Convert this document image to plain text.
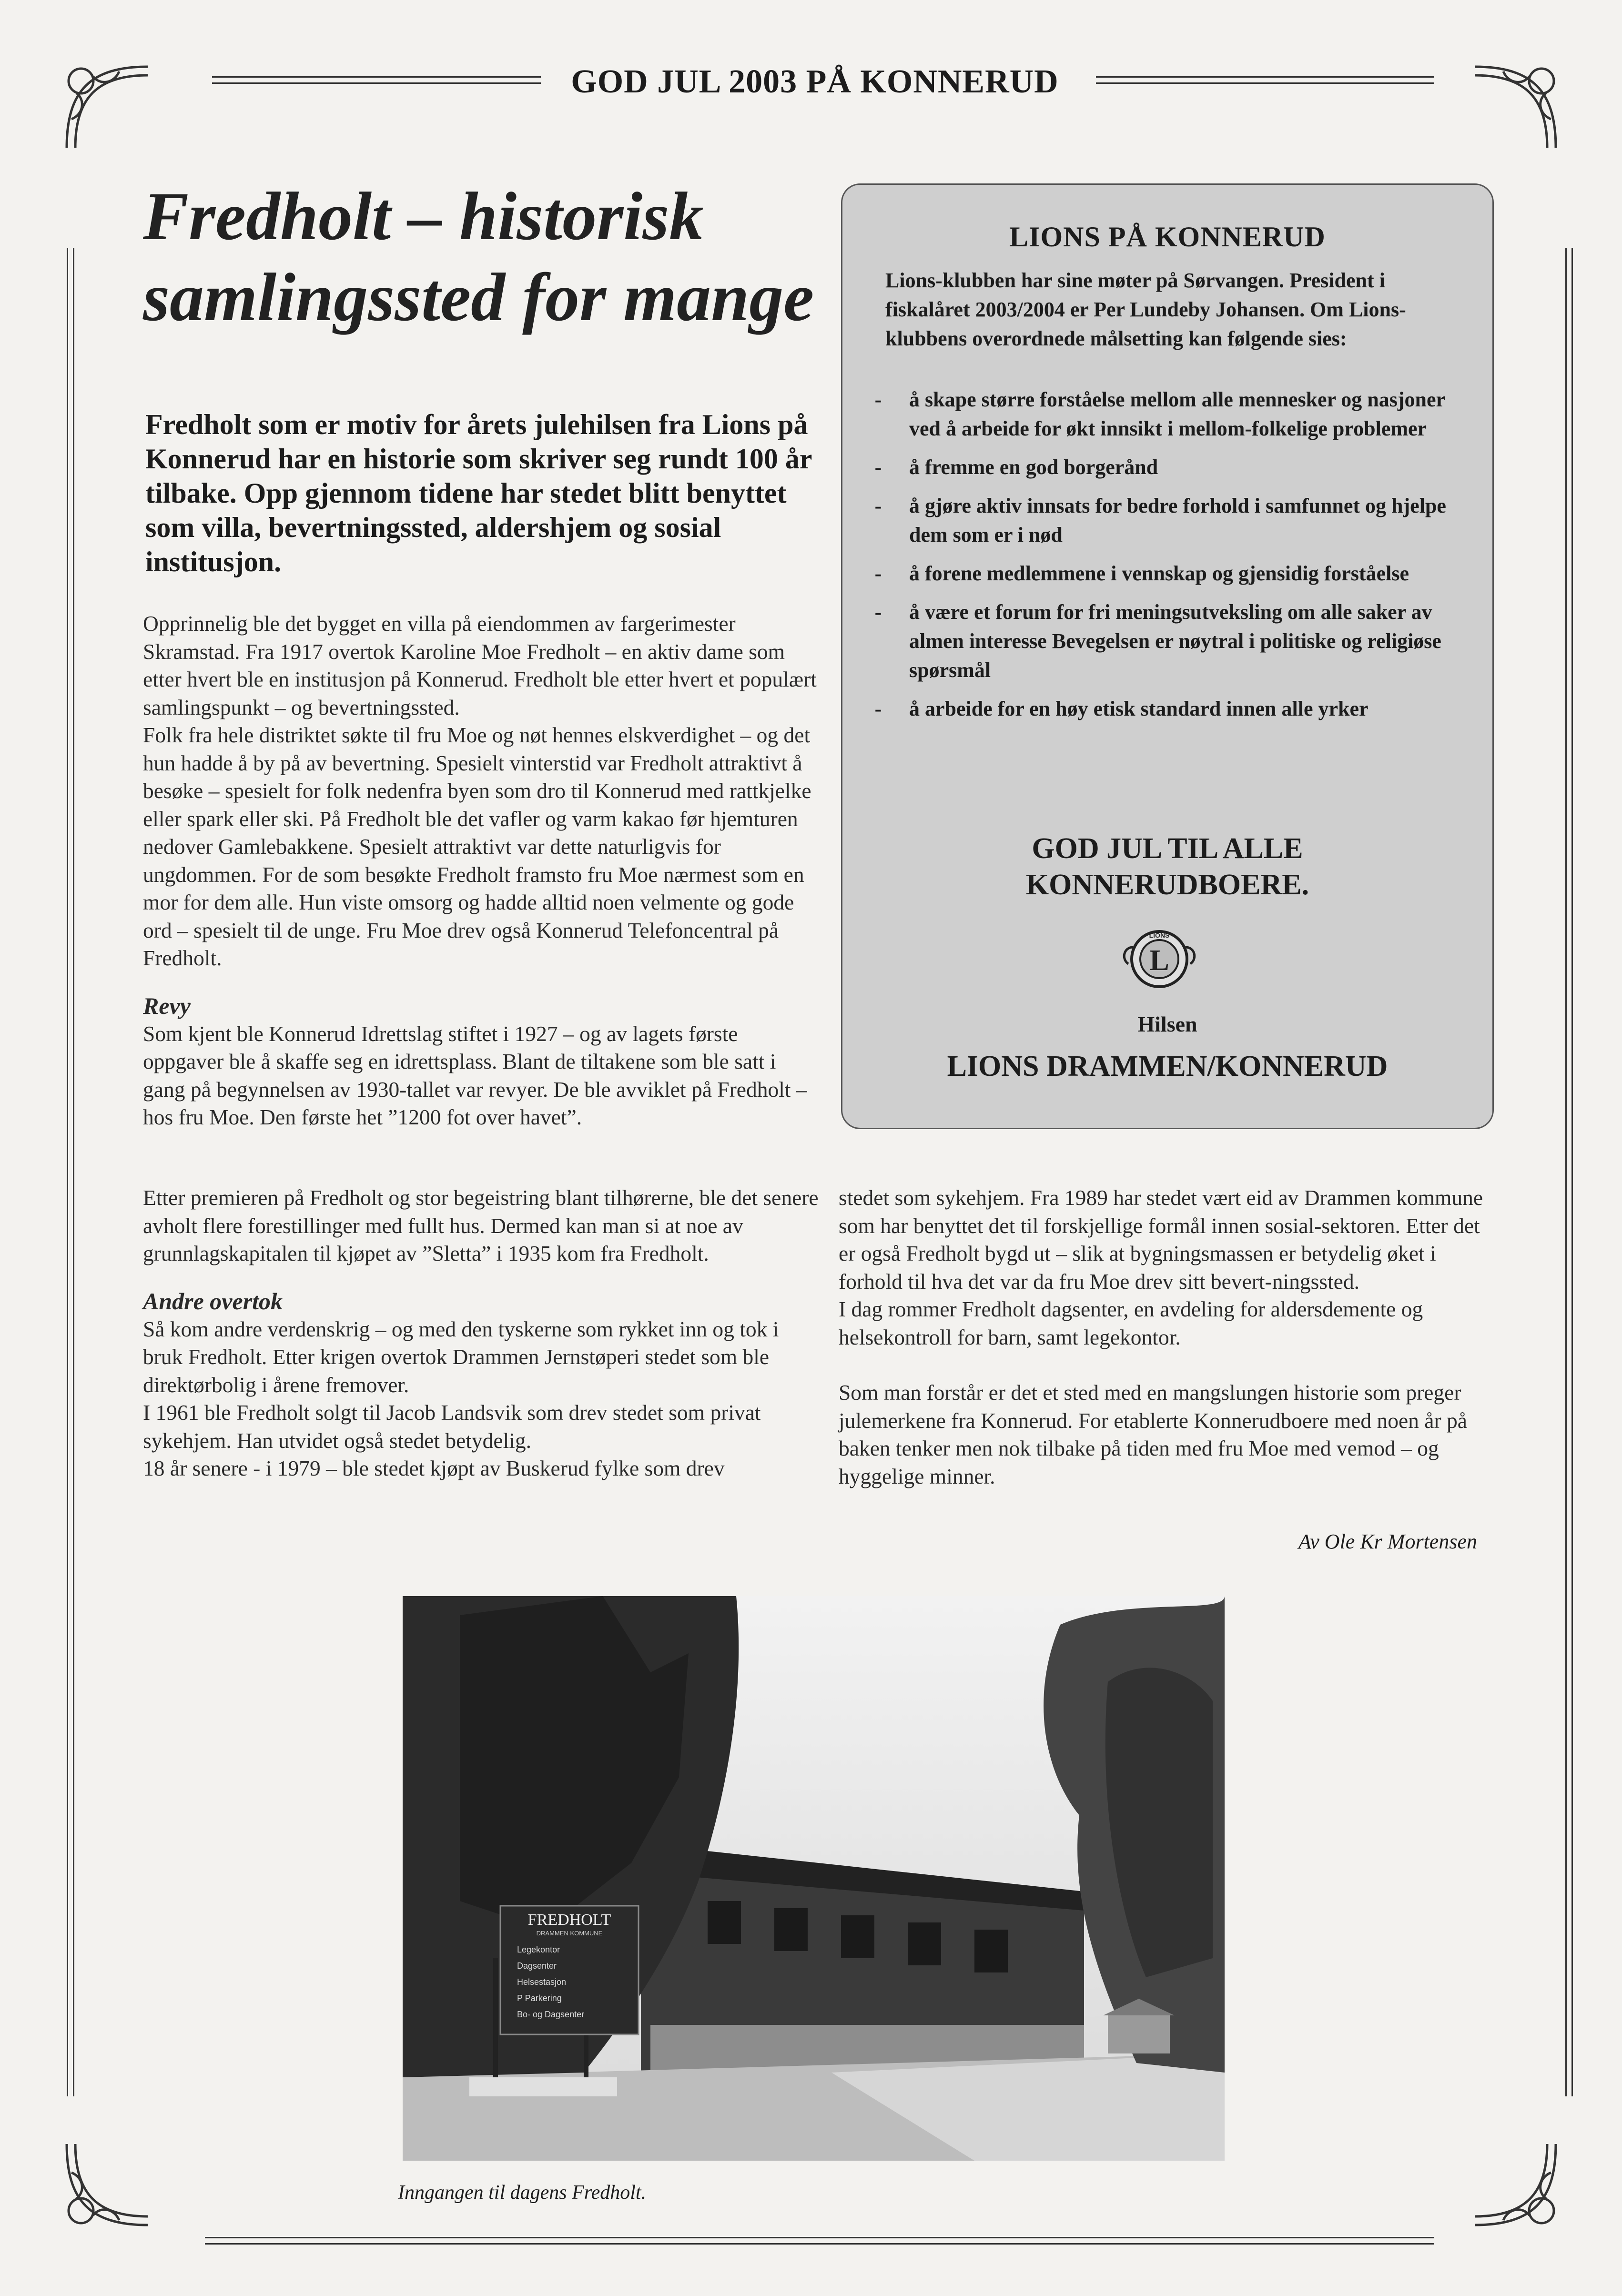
GOD JUL 2003 PÅ KONNERUD
Fredholt – historisk
samlingssted for mange

Fredholt som er motiv for årets julehilsen fra Lions på Konnerud har en historie som skriver seg rundt 100 år tilbake. Opp gjennom tidene har stedet blitt benyttet som villa, bevertningssted, aldershjem og sosial institusjon.

Opprinnelig ble det bygget en villa på eiendommen av fargerimester Skramstad. Fra 1917 overtok Karoline Moe Fredholt – en aktiv dame som etter hvert ble en institusjon på Konnerud. Fredholt ble etter hvert et populært samlingspunkt – og bevertningssted.

Folk fra hele distriktet søkte til fru Moe og nøt hennes elskverdighet – og det hun hadde å by på av bevertning. Spesielt vinterstid var Fredholt attraktivt å besøke – spesielt for folk nedenfra byen som dro til Konnerud med rattkjelke eller spark eller ski. På Fredholt ble det vafler og varm kakao før hjemturen nedover Gamlebakkene. Spesielt attraktivt var dette naturligvis for ungdommen. For de som besøkte Fredholt framsto fru Moe nærmest som en mor for dem alle. Hun viste omsorg og hadde alltid noen velmente og gode ord – spesielt til de unge. Fru Moe drev også Konnerud Telefoncentral på Fredholt.

Revy

Som kjent ble Konnerud Idrettslag stiftet i 1927 – og av lagets første oppgaver ble å skaffe seg en idrettsplass. Blant de tiltakene som ble satt i gang på begynnelsen av 1930-tallet var revyer. De ble avviklet på Fredholt – hos fru Moe. Den første het ”1200 fot over havet”.

Etter premieren på Fredholt og stor begeistring blant tilhørerne, ble det senere avholt flere forestillinger med fullt hus. Dermed kan man si at noe av grunnlagskapitalen til kjøpet av ”Sletta” i 1935 kom fra Fredholt.

Andre overtok

Så kom andre verdenskrig – og med den tyskerne som rykket inn og tok i bruk Fredholt. Etter krigen overtok Drammen Jernstøperi stedet som ble direktørbolig i årene fremover.

I 1961 ble Fredholt solgt til Jacob Landsvik som drev stedet som privat sykehjem. Han utvidet også stedet betydelig.

18 år senere - i 1979 – ble stedet kjøpt av Buskerud fylke som drev

stedet som sykehjem. Fra 1989 har stedet vært eid av Drammen kommune som har benyttet det til forskjellige formål innen sosial-sektoren. Etter det er også Fredholt bygd ut – slik at bygningsmassen er betydelig øket i forhold til hva det var da fru Moe drev sitt bevert-ningssted.

I dag rommer Fredholt dagsenter, en avdeling for aldersdemente og helsekontroll for barn, samt legekontor.

Som man forstår er det et sted med en mangslungen historie som preger julemerkene fra Konnerud. For etablerte Konnerudboere med noen år på baken tenker men nok tilbake på tiden med fru Moe med vemod – og hyggelige minner.

Av Ole Kr Mortensen
LIONS PÅ KONNERUD

Lions-klubben har sine møter på Sørvangen. President i fiskalåret 2003/2004 er Per Lundeby Johansen. Om Lions-klubbens overordnede målsetting kan følgende sies:

- å skape større forståelse mellom alle mennesker og nasjoner ved å arbeide for økt innsikt i mellom-folkelige problemer
- å fremme en god borgerånd
- å gjøre aktiv innsats for bedre forhold i samfunnet og hjelpe dem som er i nød
- å forene medlemmene i vennskap og gjensidig forståelse
- å være et forum for fri meningsutveksling om alle saker av almen interesse Bevegelsen er nøytral i politiske og religiøse spørsmål
- å arbeide for en høy etisk standard innen alle yrker
GOD JUL TIL ALLE
KONNERUDBOERE.
L
LIONS
Hilsen
LIONS DRAMMEN/KONNERUD
FREDHOLT
DRAMMEN KOMMUNE
Legekontor
Dagsenter
Helsestasjon
P Parkering
Bo- og Dagsenter
Inngangen til dagens Fredholt.
